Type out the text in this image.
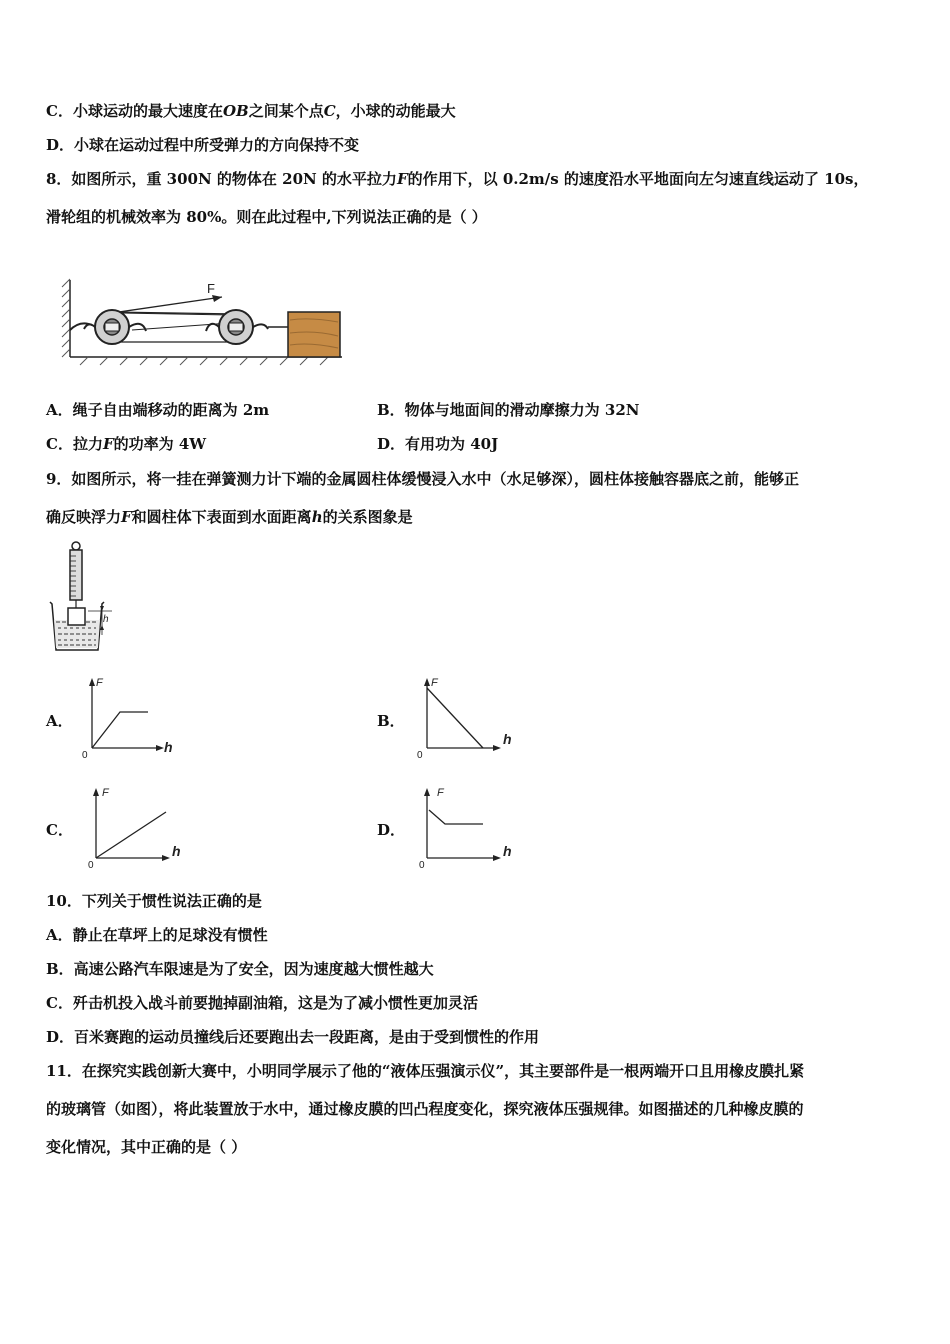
C．小球运动的最大速度在OB之间某个点C，小球的动能最大
D．小球在运动过程中所受弹力的方向保持不变
8．如图所示，重 300N 的物体在 20N 的水平拉力F的作用下，以 0.2m/s 的速度沿水平地面向左匀速直线运动了 10s，
滑轮组的机械效率为 80%。则在此过程中,下列说法正确的是（ ）
F
A．绳子自由端移动的距离为 2m	B．物体与地面间的滑动摩擦力为 32N
C．拉力F的功率为 4W	D．有用功为 40J
9．如图所示，将一挂在弹簧测力计下端的金属圆柱体缓慢浸入水中（水足够深），圆柱体接触容器底之前，能够正
确反映浮力F和圆柱体下表面到水面距离h的关系图象是
h
A．
F
h
0
B．
F
h
0
C．
F
h
0
D．
F
h
0
10．下列关于惯性说法正确的是
A．静止在草坪上的足球没有惯性
B．高速公路汽车限速是为了安全，因为速度越大惯性越大
C．歼击机投入战斗前要抛掉副油箱，这是为了减小惯性更加灵活
D．百米赛跑的运动员撞线后还要跑出去一段距离，是由于受到惯性的作用
11．在探究实践创新大赛中，小明同学展示了他的“液体压强演示仪”，其主要部件是一根两端开口且用橡皮膜扎紧
的玻璃管（如图），将此装置放于水中，通过橡皮膜的凹凸程度变化，探究液体压强规律。如图描述的几种橡皮膜的
变化情况，其中正确的是（ ）
